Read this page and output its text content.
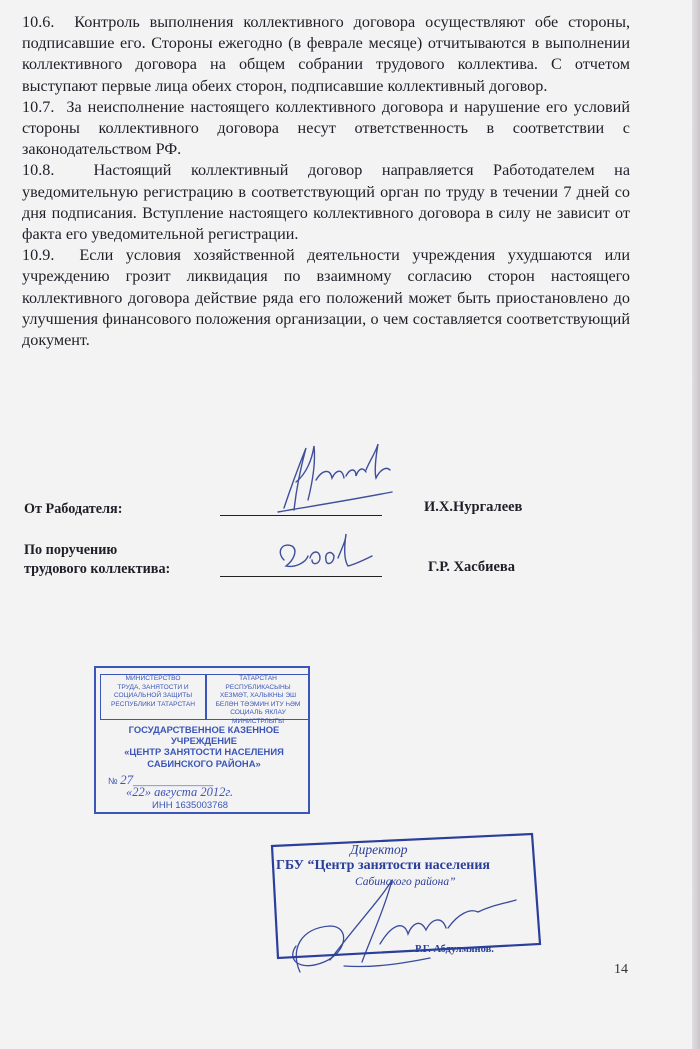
10.6. Контроль выполнения коллективного договора осуществляют обе стороны, подписавшие его. Стороны ежегодно (в феврале месяце) отчитываются в выполнении коллективного договора на общем собрании трудового коллектива. С отчетом выступают первые лица обеих сторон, подписавшие коллективный договор.

10.7. За неисполнение настоящего коллективного договора и нарушение его условий стороны коллективного договора несут ответственность в соответствии с законодательством РФ.

10.8. Настоящий коллективный договор направляется Работодателем на уведомительную регистрацию в соответствующий орган по труду в течении 7 дней со дня подписания. Вступление настоящего коллективного договора в силу не зависит от факта его уведомительной регистрации.

10.9. Если условия хозяйственной деятельности учреждения ухудшаются или учреждению грозит ликвидация по взаимному согласию сторон настоящего коллективного договора действие ряда его положений может быть приостановлено до улучшения финансового положения организации, о чем составляется соответствующий документ.

От Рабодателя:	И.Х.Нургалеев
По поручению
трудового коллектива:	Г.Р. Хасбиева
МИНИСТЕРСТВО
ТРУДА, ЗАНЯТОСТИ И
СОЦИАЛЬНОЙ ЗАЩИТЫ
РЕСПУБЛИКИ ТАТАРСТАН
ТАТАРСТАН РЕСПУБЛИКАСЫНЫ
ХЕЗМӘТ, ХАЛЫКНЫ ЭШ
БЕЛӘН ТӘЭМИН ИТУ ҺӘМ
СОЦИАЛЬ ЯКЛАУ МИНИСТРЛЫГЫ
ГОСУДАРСТВЕННОЕ КАЗЕННОЕ
УЧРЕЖДЕНИЕ
«ЦЕНТР ЗАНЯТОСТИ НАСЕЛЕНИЯ
САБИНСКОГО РАЙОНА»
№ 27________________
«22» августа 2012г.
ИНН 1635003768
Директор
ГБУ “Центр занятости населения
Сабинского района”
Р.Г. Абдулмянов.
14
